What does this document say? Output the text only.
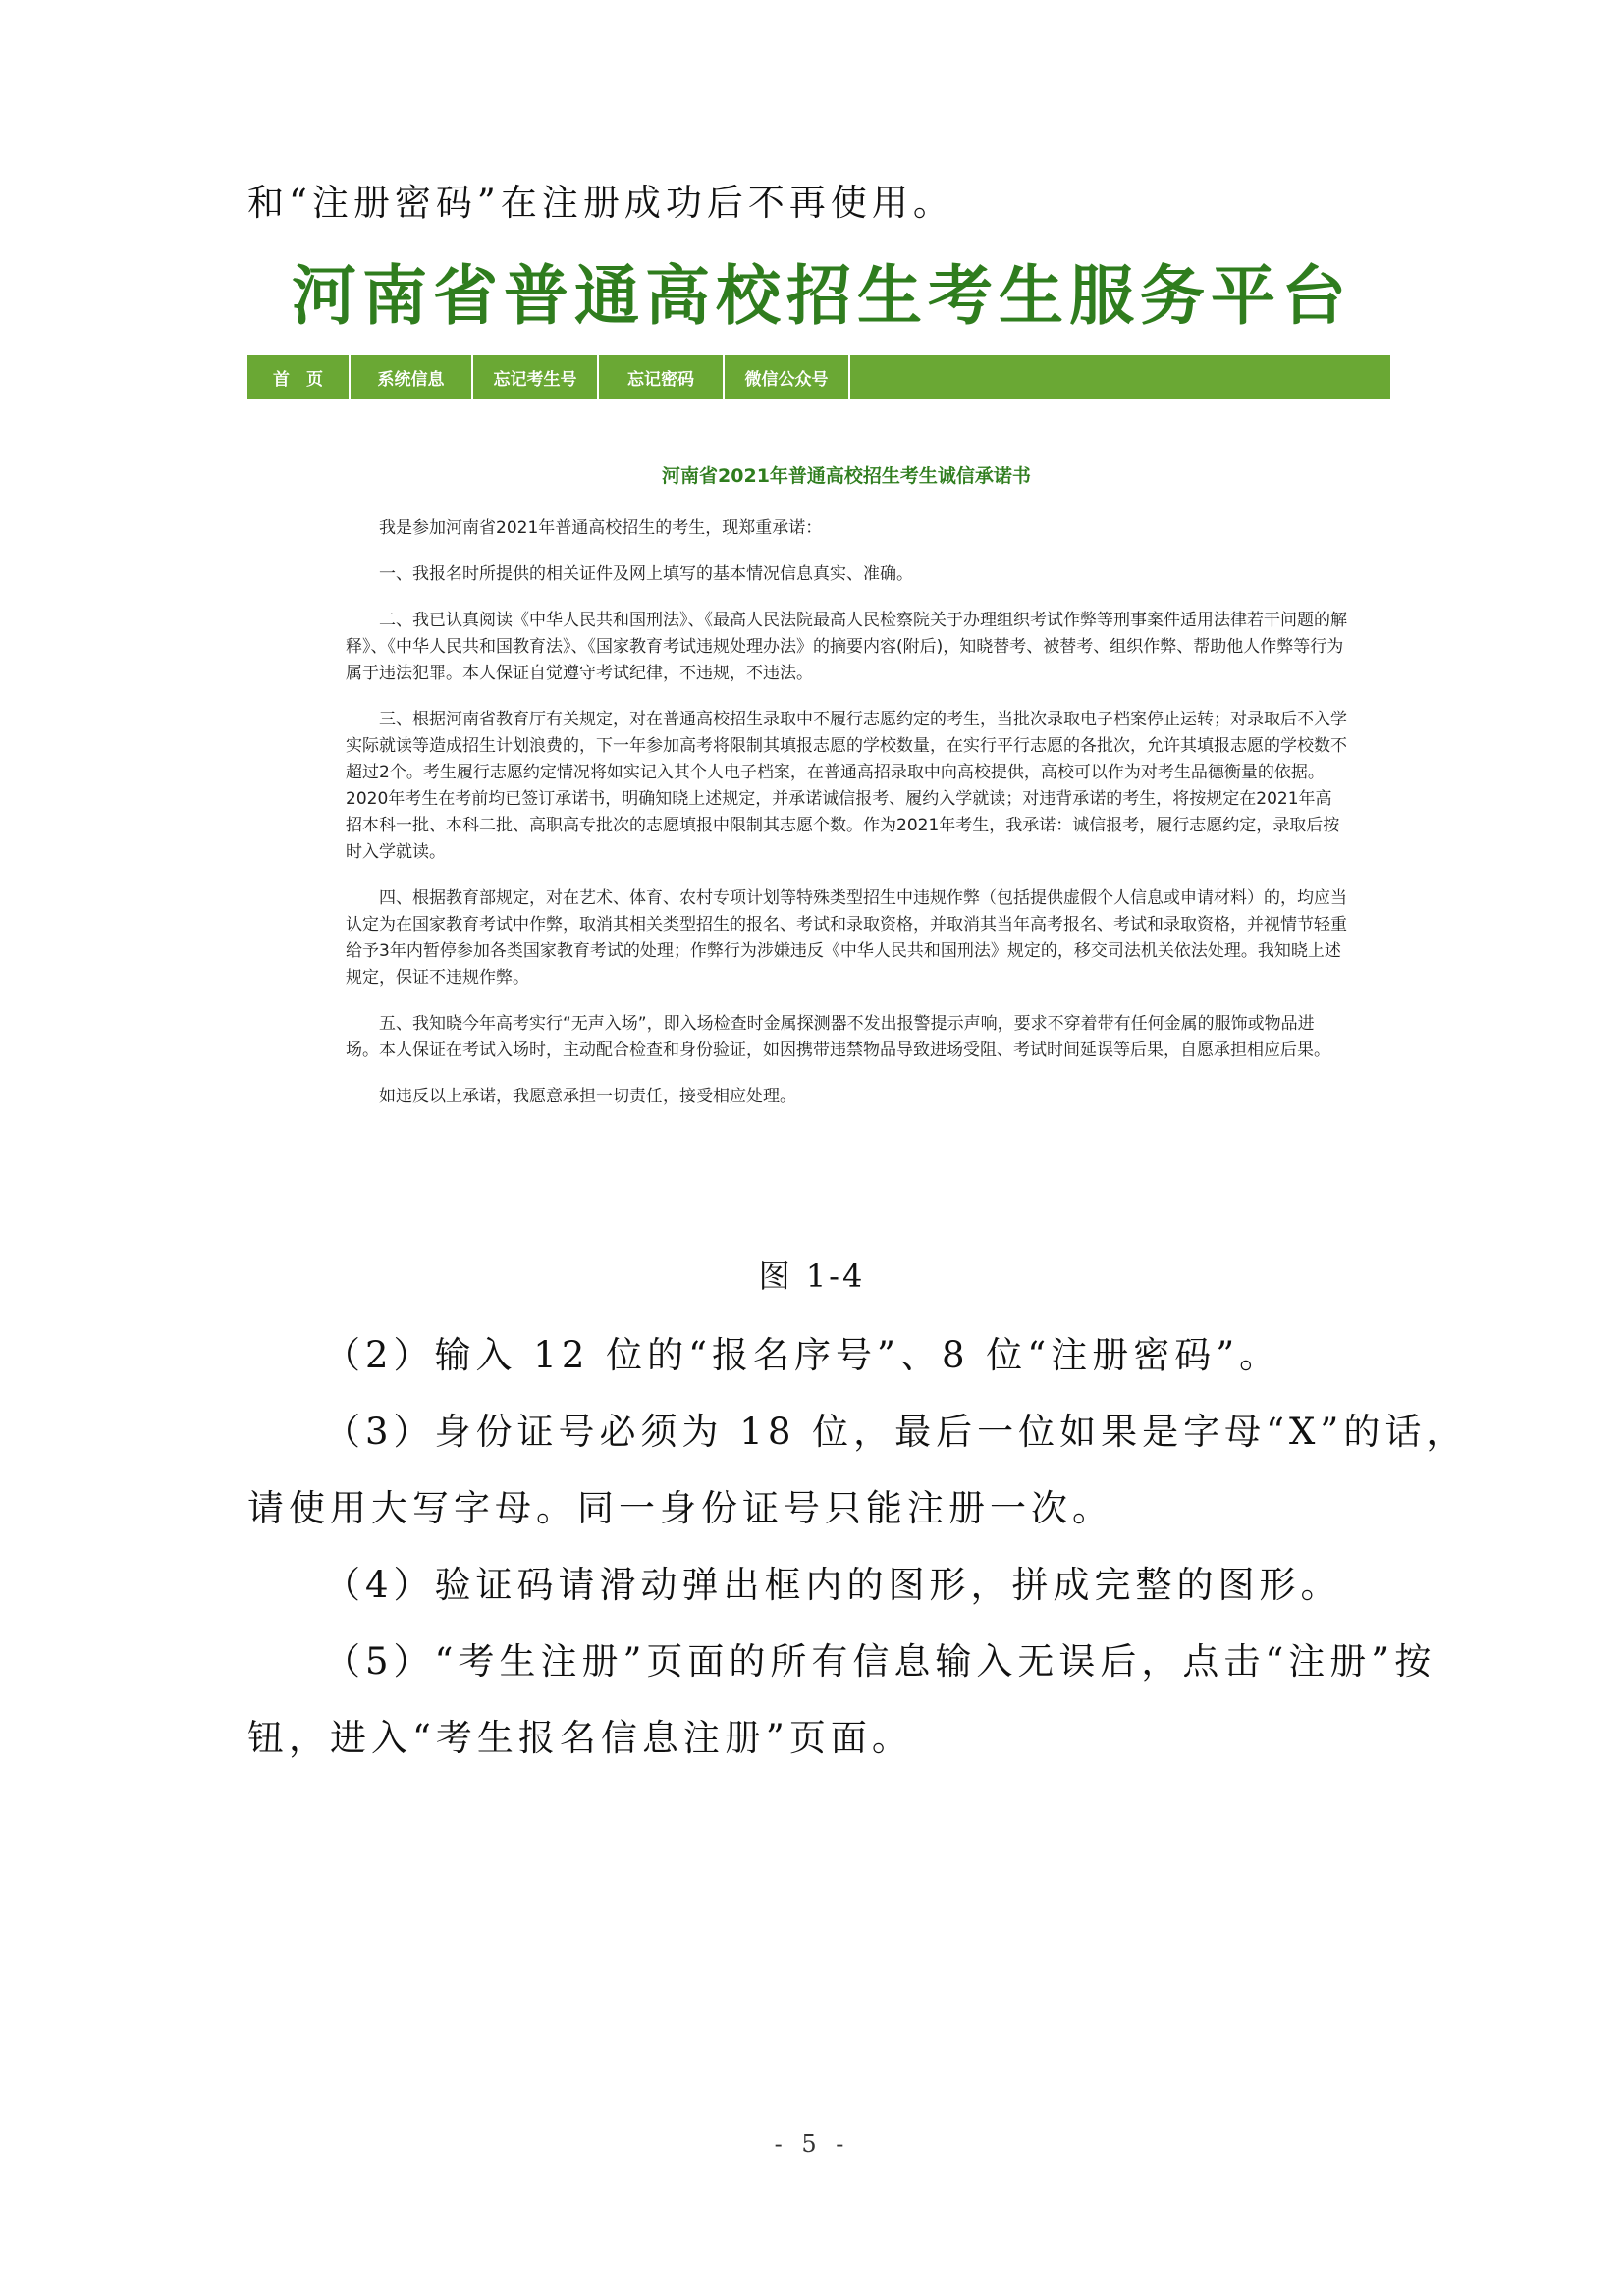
和“注册密码”在注册成功后不再使用。
河南省普通高校招生考生服务平台
首　页	系统信息	忘记考生号	忘记密码	微信公众号
河南省2021年普通高校招生考生诚信承诺书

我是参加河南省2021年普通高校招生的考生，现郑重承诺：

一、我报名时所提供的相关证件及网上填写的基本情况信息真实、准确。

二、我已认真阅读《中华人民共和国刑法》、《最高人民法院最高人民检察院关于办理组织考试作弊等刑事案件适用法律若干问题的解释》、《中华人民共和国教育法》、《国家教育考试违规处理办法》的摘要内容(附后)，知晓替考、被替考、组织作弊、帮助他人作弊等行为属于违法犯罪。本人保证自觉遵守考试纪律，不违规，不违法。

三、根据河南省教育厅有关规定，对在普通高校招生录取中不履行志愿约定的考生，当批次录取电子档案停止运转；对录取后不入学实际就读等造成招生计划浪费的，下一年参加高考将限制其填报志愿的学校数量，在实行平行志愿的各批次，允许其填报志愿的学校数不超过2个。考生履行志愿约定情况将如实记入其个人电子档案，在普通高招录取中向高校提供，高校可以作为对考生品德衡量的依据。2020年考生在考前均已签订承诺书，明确知晓上述规定，并承诺诚信报考、履约入学就读；对违背承诺的考生，将按规定在2021年高招本科一批、本科二批、高职高专批次的志愿填报中限制其志愿个数。作为2021年考生，我承诺：诚信报考，履行志愿约定，录取后按时入学就读。

四、根据教育部规定，对在艺术、体育、农村专项计划等特殊类型招生中违规作弊（包括提供虚假个人信息或申请材料）的，均应当认定为在国家教育考试中作弊，取消其相关类型招生的报名、考试和录取资格，并取消其当年高考报名、考试和录取资格，并视情节轻重给予3年内暂停参加各类国家教育考试的处理；作弊行为涉嫌违反《中华人民共和国刑法》规定的，移交司法机关依法处理。我知晓上述规定，保证不违规作弊。

五、我知晓今年高考实行“无声入场”，即入场检查时金属探测器不发出报警提示声响，要求不穿着带有任何金属的服饰或物品进场。本人保证在考试入场时，主动配合检查和身份验证，如因携带违禁物品导致进场受阻、考试时间延误等后果，自愿承担相应后果。

如违反以上承诺，我愿意承担一切责任，接受相应处理。

图 1-4
（2）输入 12 位的“报名序号”、8 位“注册密码”。
（3）身份证号必须为 18 位，最后一位如果是字母“X”的话，
请使用大写字母。同一身份证号只能注册一次。
（4）验证码请滑动弹出框内的图形，拼成完整的图形。
（5）“考生注册”页面的所有信息输入无误后，点击“注册”按
钮，进入“考生报名信息注册”页面。
- 5 -
